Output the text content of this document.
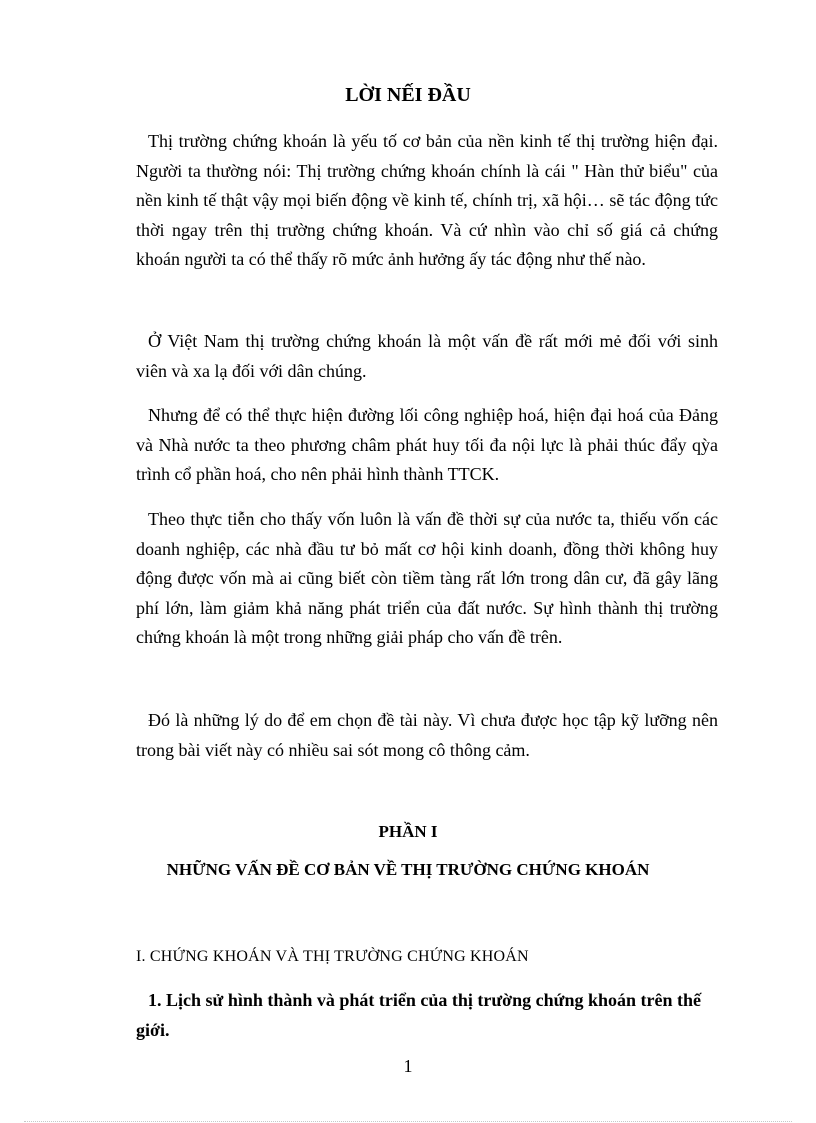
LỜI NẾI ĐẦU
Thị trường chứng khoán là yếu tố cơ bản của nền kinh tế thị trường hiện đại. Người ta thường nói: Thị trường chứng khoán chính là cái " Hàn thử biểu" của nền kinh tế thật vậy mọi biến động về kinh tế, chính trị, xã hội… sẽ tác động tức thời ngay trên thị trường chứng khoán. Và cứ nhìn vào chỉ số giá cả chứng khoán người ta có thể thấy rõ mức ảnh hưởng ấy tác động như thế nào.
Ở Việt Nam thị trường chứng khoán là một vấn đề rất mới mẻ đối với sinh viên và xa lạ đối với dân chúng.
Nhưng để có thể thực hiện đường lối công nghiệp hoá, hiện đại hoá của Đảng và Nhà nước ta theo phương châm phát huy tối đa nội lực là phải thúc đẩy qỳa trình cổ phần hoá, cho nên phải hình thành TTCK.
Theo thực tiễn cho thấy vốn luôn là vấn đề thời sự của nước ta, thiếu vốn các doanh nghiệp, các nhà đầu tư bỏ mất cơ hội kinh doanh, đồng thời không huy động được vốn mà ai cũng biết còn tiềm tàng rất lớn trong dân cư, đã gây lãng phí lớn, làm giảm khả năng phát triển của đất nước. Sự hình thành thị trường chứng khoán là một trong những giải pháp cho vấn đề trên.
Đó là những lý do để em chọn đề tài này. Vì chưa được học tập kỹ lưỡng nên trong bài viết này có nhiều sai sót mong cô thông cảm.
PHẦN I
NHỮNG VẤN ĐỀ CƠ BẢN VỀ THỊ TRƯỜNG CHỨNG KHOÁN
I. CHỨNG KHOÁN VÀ THỊ TRƯỜNG CHỨNG KHOÁN
1. Lịch sử hình thành và phát triển của thị trường chứng khoán trên thế giới.
1
